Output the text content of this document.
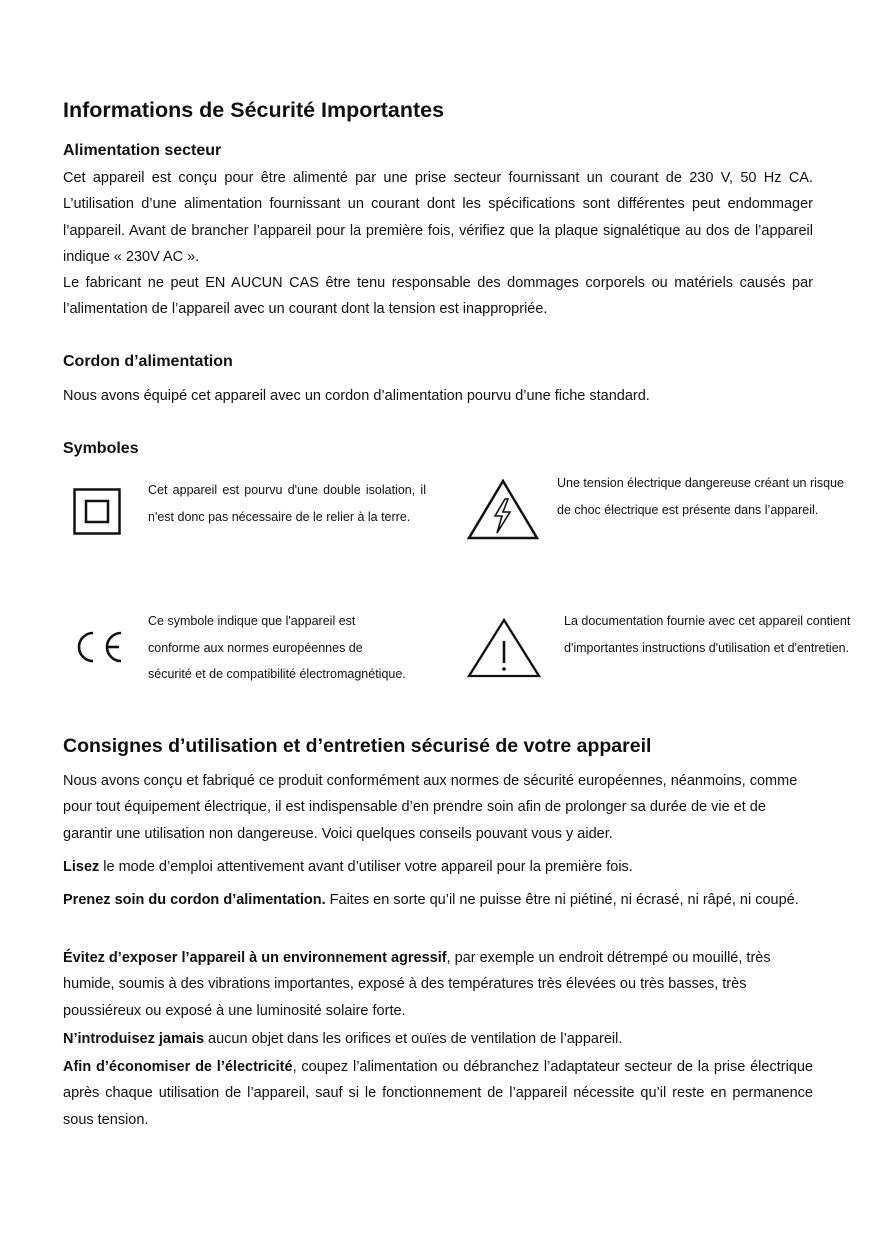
Informations de Sécurité Importantes
Alimentation secteur
Cet appareil est conçu pour être alimenté par une prise secteur fournissant un courant de 230 V, 50 Hz CA. L’utilisation d’une alimentation fournissant un courant dont les spécifications sont différentes peut endommager l’appareil. Avant de brancher l’appareil pour la première fois, vérifiez que la plaque signalétique au dos de l’appareil indique « 230V AC ».
Le fabricant ne peut EN AUCUN CAS être tenu responsable des dommages corporels ou matériels causés par l’alimentation de l’appareil avec un courant dont la tension est inappropriée.
Cordon d’alimentation
Nous avons équipé cet appareil avec un cordon d’alimentation pourvu d’une fiche standard.
Symboles
Cet appareil est pourvu d'une double isolation, il n'est donc pas nécessaire de le relier à la terre.
Une tension électrique dangereuse créant un risque de choc électrique est présente dans l’appareil.
Ce symbole indique que l'appareil est conforme aux normes européennes de sécurité et de compatibilité électromagnétique.
La documentation fournie avec cet appareil contient d'importantes instructions d'utilisation et d'entretien.
Consignes d’utilisation et d’entretien sécurisé de votre appareil
Nous avons conçu et fabriqué ce produit conformément aux normes de sécurité européennes, néanmoins, comme pour tout équipement électrique, il est indispensable d’en prendre soin afin de prolonger sa durée de vie et de garantir une utilisation non dangereuse. Voici quelques conseils pouvant vous y aider.
Lisez le mode d’emploi attentivement avant d’utiliser votre appareil pour la première fois.
Prenez soin du cordon d’alimentation. Faites en sorte qu’il ne puisse être ni piétiné, ni écrasé, ni râpé, ni coupé.
Évitez d’exposer l’appareil à un environnement agressif, par exemple un endroit détrempé ou mouillé, très humide, soumis à des vibrations importantes, exposé à des températures très élevées ou très basses, très poussiéreux ou exposé à une luminosité solaire forte.
N’introduisez jamais aucun objet dans les orifices et ouïes de ventilation de l’appareil.
Afin d’économiser de l’électricité, coupez l’alimentation ou débranchez l’adaptateur secteur de la prise électrique après chaque utilisation de l’appareil, sauf si le fonctionnement de l’appareil nécessite qu’il reste en permanence sous tension.
